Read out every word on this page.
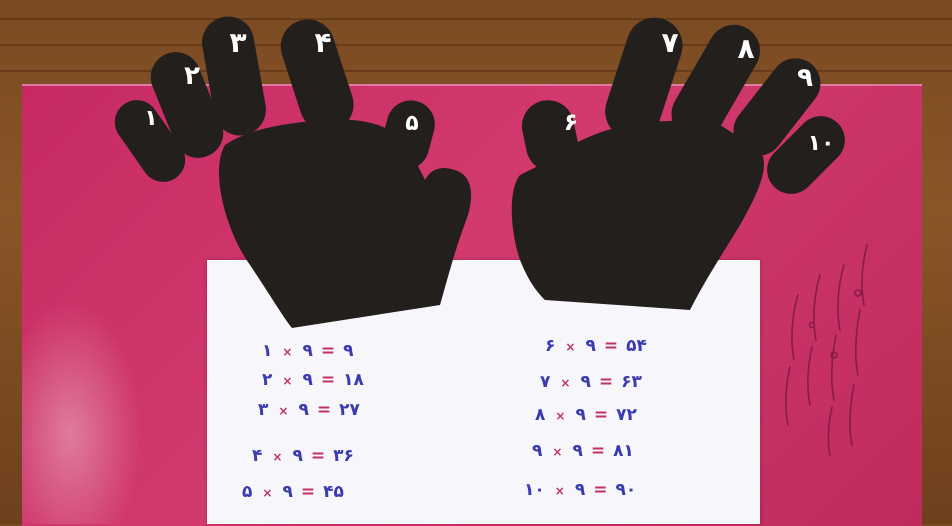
۱
۲
۳ ۴
۵	۶
۷ ۸
۹
۱۰
۱ × ۹ = ۹
۲ × ۹ = ۱۸
۳ × ۹ = ۲۷
۴ × ۹ = ۳۶
۵ × ۹ = ۴۵
۶ × ۹ = ۵۴
۷ × ۹ = ۶۳
۸ × ۹ = ۷۲
۹ × ۹ = ۸۱
۱۰ × ۹ = ۹۰
